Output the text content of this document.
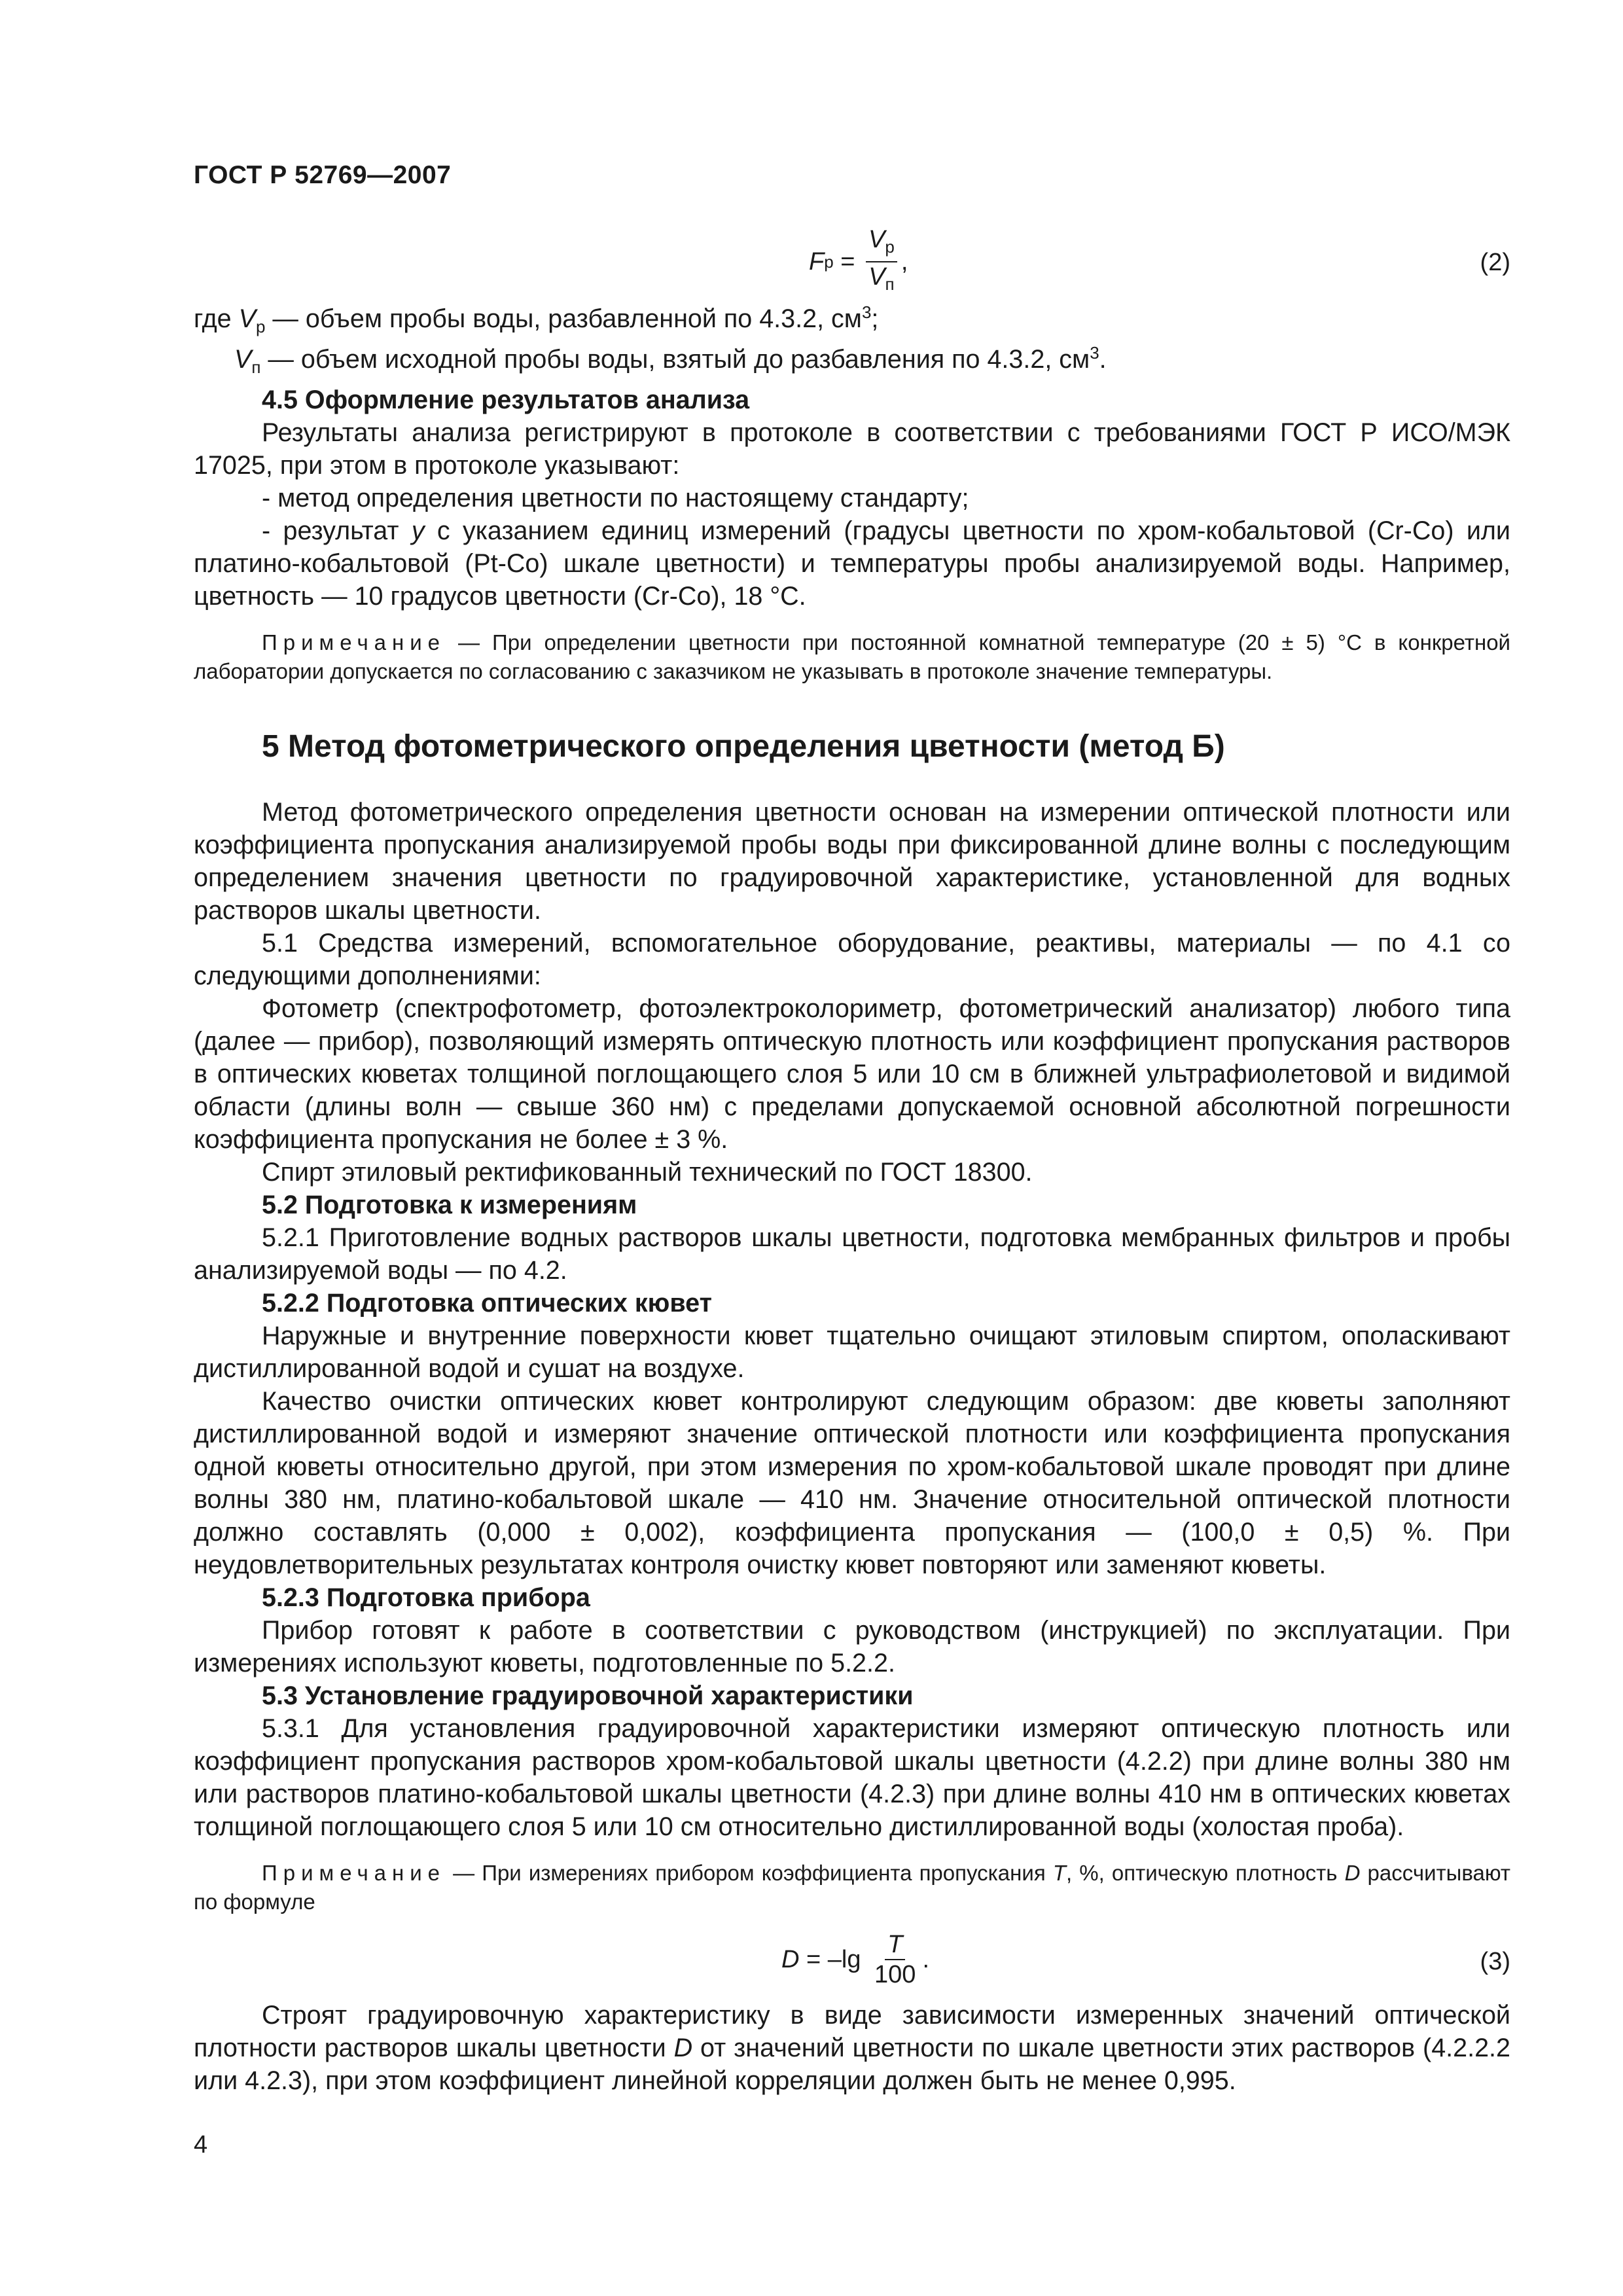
ГОСТ Р 52769—2007
F $р = \frac{V_р}{V_п}$ ,	(2)
где $V_р$ — объем пробы воды, разбавленной по 4.3.2, $см^3$;
$V_п$ — объем исходной пробы воды, взятый до разбавления по 4.3.2, $см^3$.
4.5 Оформление результатов анализа

Результаты анализа регистрируют в протоколе в соответствии с требованиями ГОСТ Р ИСО/МЭК 17025, при этом в протоколе указывают:

- метод определения цветности по настоящему стандарту;

- результат у с указанием единиц измерений (градусы цветности по хром-кобальтовой (Cr-Co) или платино-кобальтовой (Pt-Co) шкале цветности) и температуры пробы анализируемой воды. Например, цветность — 10 градусов цветности (Cr-Co), 18 °С.

Примечание — При определении цветности при постоянной комнатной температуре (20 ± 5) °С в конкретной лаборатории допускается по согласованию с заказчиком не указывать в протоколе значение температуры.

5 Метод фотометрического определения цветности (метод Б)

Метод фотометрического определения цветности основан на измерении оптической плотности или коэффициента пропускания анализируемой пробы воды при фиксированной длине волны с последующим определением значения цветности по градуировочной характеристике, установленной для водных растворов шкалы цветности.

5.1 Средства измерений, вспомогательное оборудование, реактивы, материалы — по 4.1 со следующими дополнениями:

Фотометр (спектрофотометр, фотоэлектроколориметр, фотометрический анализатор) любого типа (далее — прибор), позволяющий измерять оптическую плотность или коэффициент пропускания растворов в оптических кюветах толщиной поглощающего слоя 5 или 10 см в ближней ультрафиолетовой и видимой области (длины волн — свыше 360 нм) с пределами допускаемой основной абсолютной погрешности коэффициента пропускания не более ± 3 %.

Спирт этиловый ректификованный технический по ГОСТ 18300.

5.2 Подготовка к измерениям

5.2.1 Приготовление водных растворов шкалы цветности, подготовка мембранных фильтров и пробы анализируемой воды — по 4.2.

5.2.2 Подготовка оптических кювет

Наружные и внутренние поверхности кювет тщательно очищают этиловым спиртом, ополаскивают дистиллированной водой и сушат на воздухе.

Качество очистки оптических кювет контролируют следующим образом: две кюветы заполняют дистиллированной водой и измеряют значение оптической плотности или коэффициента пропускания одной кюветы относительно другой, при этом измерения по хром-кобальтовой шкале проводят при длине волны 380 нм, платино-кобальтовой шкале — 410 нм. Значение относительной оптической плотности должно составлять (0,000 ± 0,002), коэффициента пропускания — (100,0 ± 0,5) %. При неудовлетворительных результатах контроля очистку кювет повторяют или заменяют кюветы.

5.2.3 Подготовка прибора

Прибор готовят к работе в соответствии с руководством (инструкцией) по эксплуатации. При измерениях используют кюветы, подготовленные по 5.2.2.

5.3 Установление градуировочной характеристики

5.3.1 Для установления градуировочной характеристики измеряют оптическую плотность или коэффициент пропускания растворов хром-кобальтовой шкалы цветности (4.2.2) при длине волны 380 нм или растворов платино-кобальтовой шкалы цветности (4.2.3) при длине волны 410 нм в оптических кюветах толщиной поглощающего слоя 5 или 10 см относительно дистиллированной воды (холостая проба).

Примечание — При измерениях прибором коэффициента пропускания T, %, оптическую плотность D рассчитывают по формуле

$D = -\lg \frac{T}{100}$ .	(3)

Строят градуировочную характеристику в виде зависимости измеренных значений оптической плотности растворов шкалы цветности D от значений цветности по шкале цветности этих растворов (4.2.2.2 или 4.2.3), при этом коэффициент линейной корреляции должен быть не менее 0,995.

4
